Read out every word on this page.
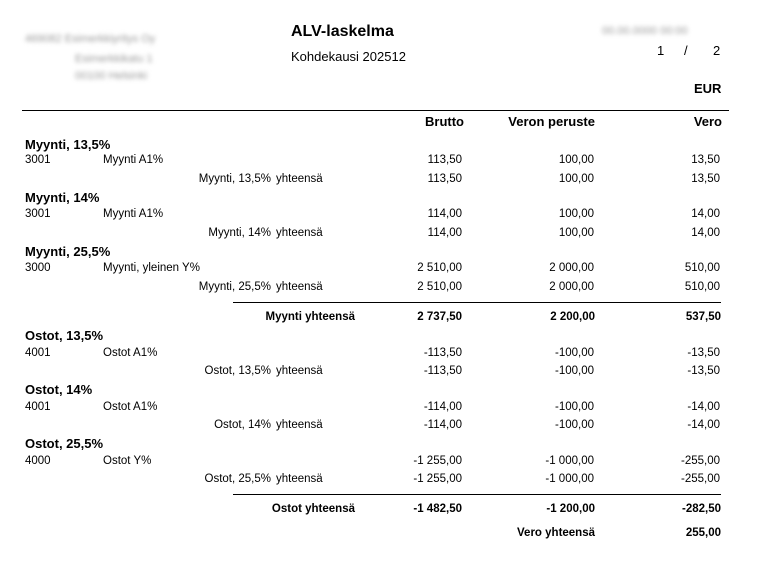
469082 Esimerkkiyritys Oy
Esimerkkikatu 1
00100 Helsinki
ALV-laskelma
Kohdekausi 202512
00.00.0000 00:00
1 / 2
EUR
Brutto	Veron peruste	Vero
Myynti, 13,5%
3001	Myynti A1%	113,50	100,00	13,50
Myynti, 13,5% yhteensä	113,50	100,00	13,50
Myynti, 14%
3001	Myynti A1%	114,00	100,00	14,00
Myynti, 14% yhteensä	114,00	100,00	14,00
Myynti, 25,5%
3000	Myynti, yleinen Y%	2 510,00	2 000,00	510,00
Myynti, 25,5% yhteensä	2 510,00	2 000,00	510,00
Myynti yhteensä	2 737,50	2 200,00	537,50
Ostot, 13,5%
4001	Ostot A1%	-113,50	-100,00	-13,50
Ostot, 13,5% yhteensä	-113,50	-100,00	-13,50
Ostot, 14%
4001	Ostot A1%	-114,00	-100,00	-14,00
Ostot, 14% yhteensä	-114,00	-100,00	-14,00
Ostot, 25,5%
4000	Ostot Y%	-1 255,00	-1 000,00	-255,00
Ostot, 25,5% yhteensä	-1 255,00	-1 000,00	-255,00
Ostot yhteensä	-1 482,50	-1 200,00	-282,50
Vero yhteensä	255,00
